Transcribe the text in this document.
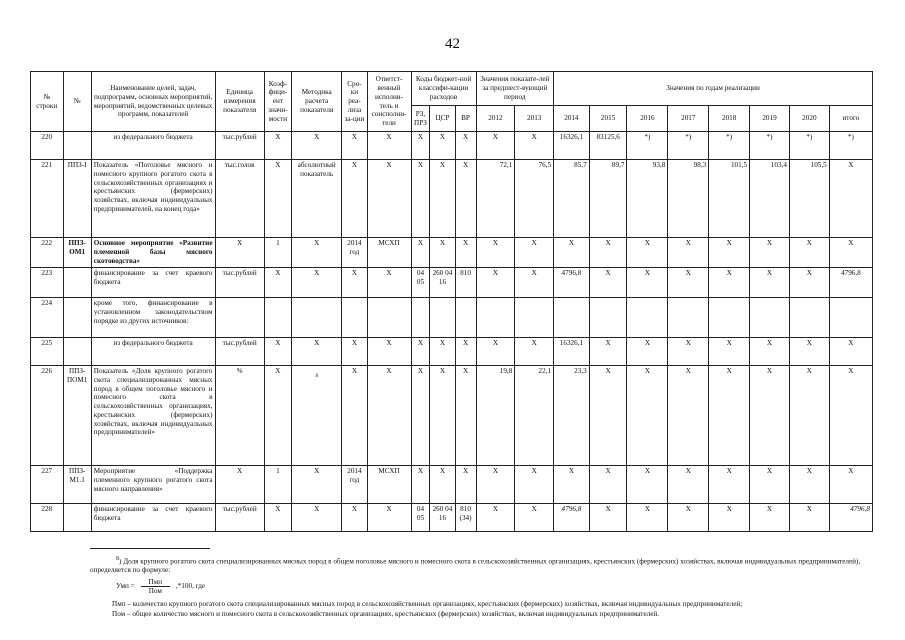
42
№ строки	№	Наименование целей, задач, подпрограмм, основных мероприятий, мероприятий, ведомственных целевых программ, показателей	Единица измерения показателя	Коэф-фици-ент значи-мости	Методика расчета показателя	Сро-ки реа-лиза за-ции	Ответст-венный исполни-тель и соисполни-тели	Коды бюджет-ной классифи-кации расходов			Значения показате-лей за предшест-вующий период		Значения по годам реализации							
								РЗ, ПРЗ	ЦСР	ВР	2012	2013	2014	2015	2016	2017	2018	2019	2020	итого
220		из федерального бюджета	тыс.рублей	X	X	X	X	X	X	X	X	X	16326,1	83125,6	*)	*)	*)	*)	*)	*)
221	ППЗ-I	Показатель «Поголовье мясного и помесного крупного рогатого скота в сельскохозяйственных организациях и крестьянских (фермерских) хозяйствах, включая индивидуальных предпринимателей, на конец года»	тыс.голов	X	абсолютный показатель	X	X	X	X	X	72,1	76,5	85,7	89,7	93,8	98,3	101,5	103,4	105,5	X
222	ППЗ-ОМ1	Основное мероприятие «Развитие племенной базы мясного скотоводства»	X	1	X	2014 год	МСХП	X	X	X	X	X	X	X	X	X	X	X	X	X
223		финансирование за счет краевого бюджета	тыс.рублей	X	X	X	X	04 05	260 04 16	810	X	X	4796,8	X	X	X	X	X	X	4796,8
224		кроме того, финансирование в установленном законодательством порядке из других источников:																		
225		из федерального бюджета	тыс.рублей	X	X	X	X	X	X	X	X	X	16326,1	X	X	X	X	X	X	X
226	ППЗ-ПОМ1	Показатель «Доля крупного рогатого скота специализированных мясных пород в общем поголовье мясного и помесного скота в сельскохозяйственных организациях, крестьянских (фермерских) хозяйствах, включая индивидуальных предпринимателей»	%	X	8	X	X	X	X	X	19,8	22,1	23,3	X	X	X	X	X	X	X
227	ППЗ-М1.1	Мероприятие «Поддержка племенного крупного рогатого скота мясного направления»	X	1	X	2014 год	МСХП	X	X	X	X	X	X	X	X	X	X	X	X	X
228		финансирование за счет краевого бюджета	тыс.рублей	X	X	X	X	04 05	260 04 16	810 (34)	X	X	4796,8	X	X	X	X	X	X	4796,8
$^8$) Доля крупного рогатого скота специализированных мясных пород в общем поголовье мясного и помесного скота в сельскохозяйственных организациях, крестьянских (фермерских) хозяйствах, включая индивидуальных предпринимателей), определяется по формуле:
Умп = $\frac{\text{Пмп}}{\text{Пом}} ,*100$, где
Пмп – количество крупного рогатого скота специализированных мясных пород в сельскохозяйственных организациях, крестьянских (фермерских) хозяйствах, включая индивидуальных предпринимателей;
Пом – общее количество мясного и помесного скота в сельскохозяйственных организациях, крестьянских (фермерских) хозяйствах, включая индивидуальных предпринимателей.
